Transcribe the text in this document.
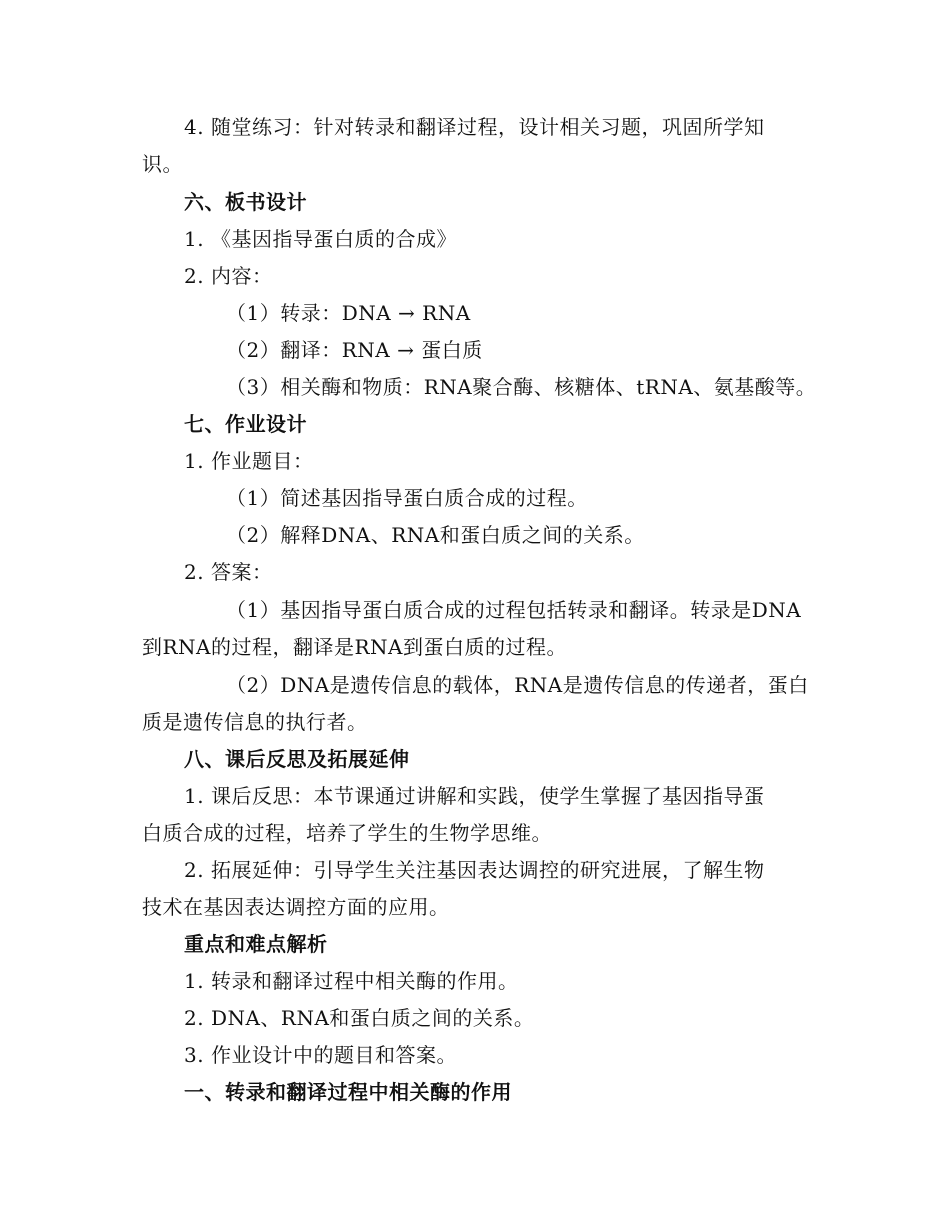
4. 随堂练习：针对转录和翻译过程，设计相关习题，巩固所学知
识。
六、板书设计
1. 《基因指导蛋白质的合成》
2. 内容：
（1）转录：DNA → RNA
（2）翻译：RNA → 蛋白质
（3）相关酶和物质：RNA聚合酶、核糖体、tRNA、氨基酸等。
七、作业设计
1. 作业题目：
（1）简述基因指导蛋白质合成的过程。
（2）解释DNA、RNA和蛋白质之间的关系。
2. 答案：
（1）基因指导蛋白质合成的过程包括转录和翻译。转录是DNA
到RNA的过程，翻译是RNA到蛋白质的过程。
（2）DNA是遗传信息的载体，RNA是遗传信息的传递者，蛋白
质是遗传信息的执行者。
八、课后反思及拓展延伸
1. 课后反思：本节课通过讲解和实践，使学生掌握了基因指导蛋
白质合成的过程，培养了学生的生物学思维。
2. 拓展延伸：引导学生关注基因表达调控的研究进展，了解生物
技术在基因表达调控方面的应用。
重点和难点解析
1. 转录和翻译过程中相关酶的作用。
2. DNA、RNA和蛋白质之间的关系。
3. 作业设计中的题目和答案。
一、转录和翻译过程中相关酶的作用
